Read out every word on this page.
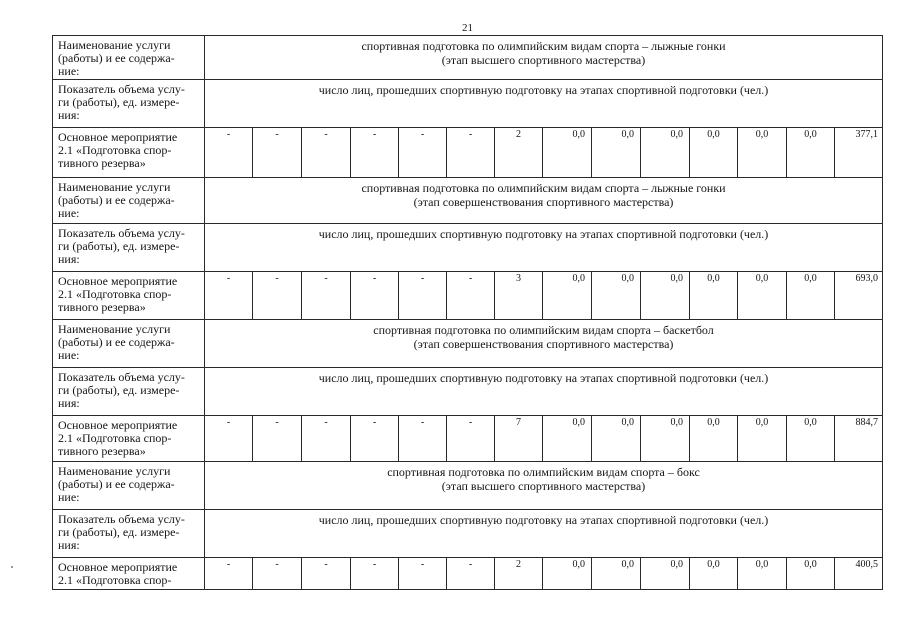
21
Наименование услуги
(работы) и ее содержа-
ние:	спортивная подготовка по олимпийским видам спорта – лыжные гонки
(этап высшего спортивного мастерства)													

Показатель объема услу-
ги (работы), ед. измере-
ния:	число лиц, прошедших спортивную подготовку на этапах спортивной подготовки (чел.)													

Основное мероприятие
2.1 «Подготовка спор-
тивного резерва»	-	-	-	-	-	-	2	0,0	0,0	0,0	0,0	0,0	0,0	377,1

Наименование услуги
(работы) и ее содержа-
ние:	спортивная подготовка по олимпийским видам спорта – лыжные гонки
(этап совершенствования спортивного мастерства)													

Показатель объема услу-
ги (работы), ед. измере-
ния:	число лиц, прошедших спортивную подготовку на этапах спортивной подготовки (чел.)													

Основное мероприятие
2.1 «Подготовка спор-
тивного резерва»	-	-	-	-	-	-	3	0,0	0,0	0,0	0,0	0,0	0,0	693,0

Наименование услуги
(работы) и ее содержа-
ние:	спортивная подготовка по олимпийским видам спорта – баскетбол
(этап совершенствования спортивного мастерства)													

Показатель объема услу-
ги (работы), ед. измере-
ния:	число лиц, прошедших спортивную подготовку на этапах спортивной подготовки (чел.)													

Основное мероприятие
2.1 «Подготовка спор-
тивного резерва»	-	-	-	-	-	-	7	0,0	0,0	0,0	0,0	0,0	0,0	884,7

Наименование услуги
(работы) и ее содержа-
ние:	спортивная подготовка по олимпийским видам спорта – бокс
(этап высшего спортивного мастерства)													

Показатель объема услу-
ги (работы), ед. измере-
ния:	число лиц, прошедших спортивную подготовку на этапах спортивной подготовки (чел.)													

Основное мероприятие
2.1 «Подготовка спор-	-	-	-	-	-	-	2	0,0	0,0	0,0	0,0	0,0	0,0	400,5
